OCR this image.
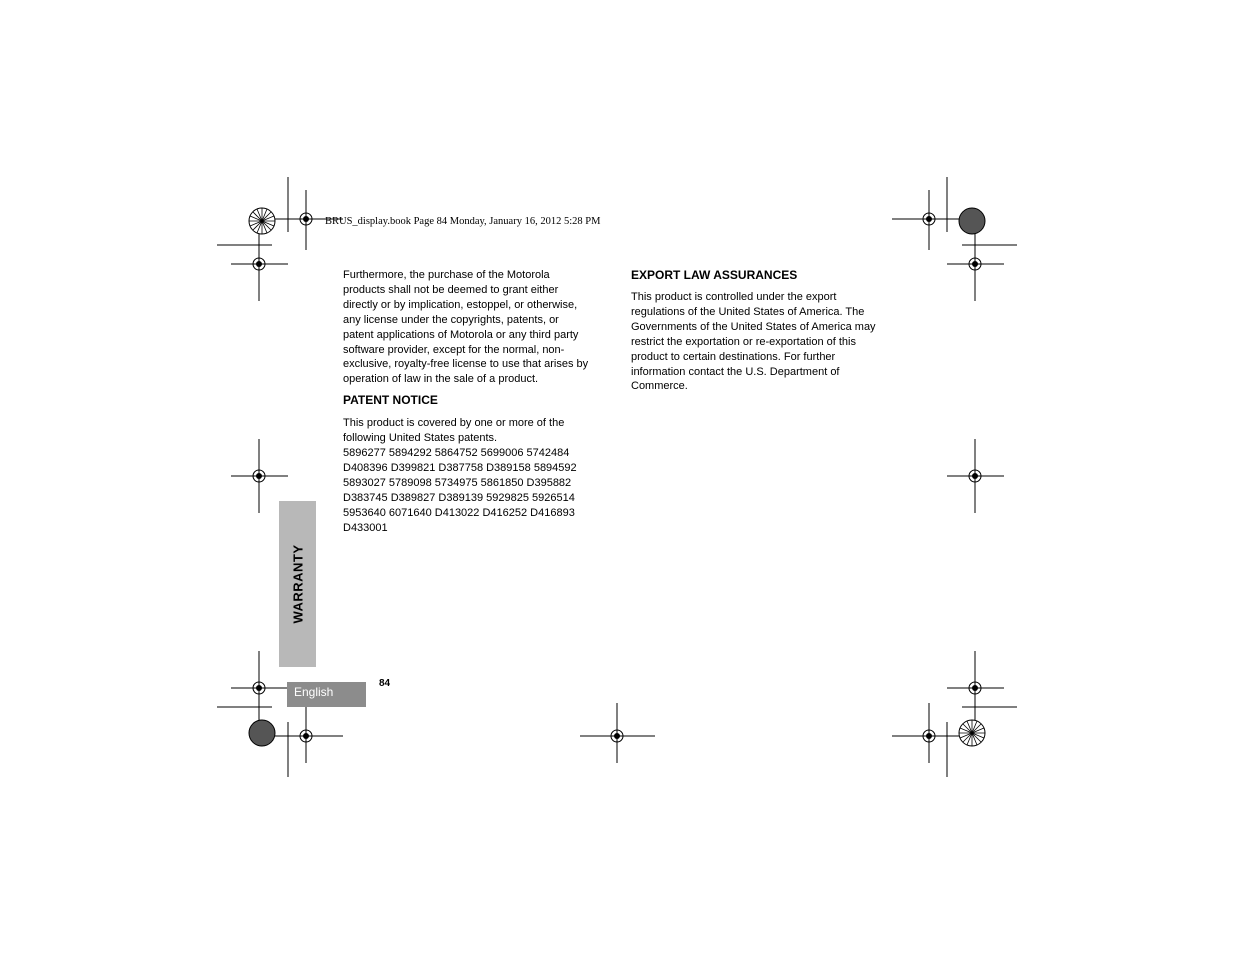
BRUS_display.book Page 84 Monday, January 16, 2012 5:28 PM

Furthermore, the purchase of the Motorola
products shall not be deemed to grant either
directly or by implication, estoppel, or otherwise,
any license under the copyrights, patents, or
patent applications of Motorola or any third party
software provider, except for the normal, non-
exclusive, royalty-free license to use that arises by
operation of law in the sale of a product.

PATENT NOTICE

This product is covered by one or more of the
following United States patents.

5896277 5894292 5864752 5699006 5742484
D408396 D399821 D387758 D389158 5894592
5893027 5789098 5734975 5861850 D395882
D383745 D389827 D389139 5929825 5926514
5953640 6071640 D413022 D416252 D416893
D433001

EXPORT LAW ASSURANCES

This product is controlled under the export
regulations of the United States of America. The
Governments of the United States of America may
restrict the exportation or re-exportation of this
product to certain destinations. For further
information contact the U.S. Department of
Commerce.

WARRANTY
English
84
